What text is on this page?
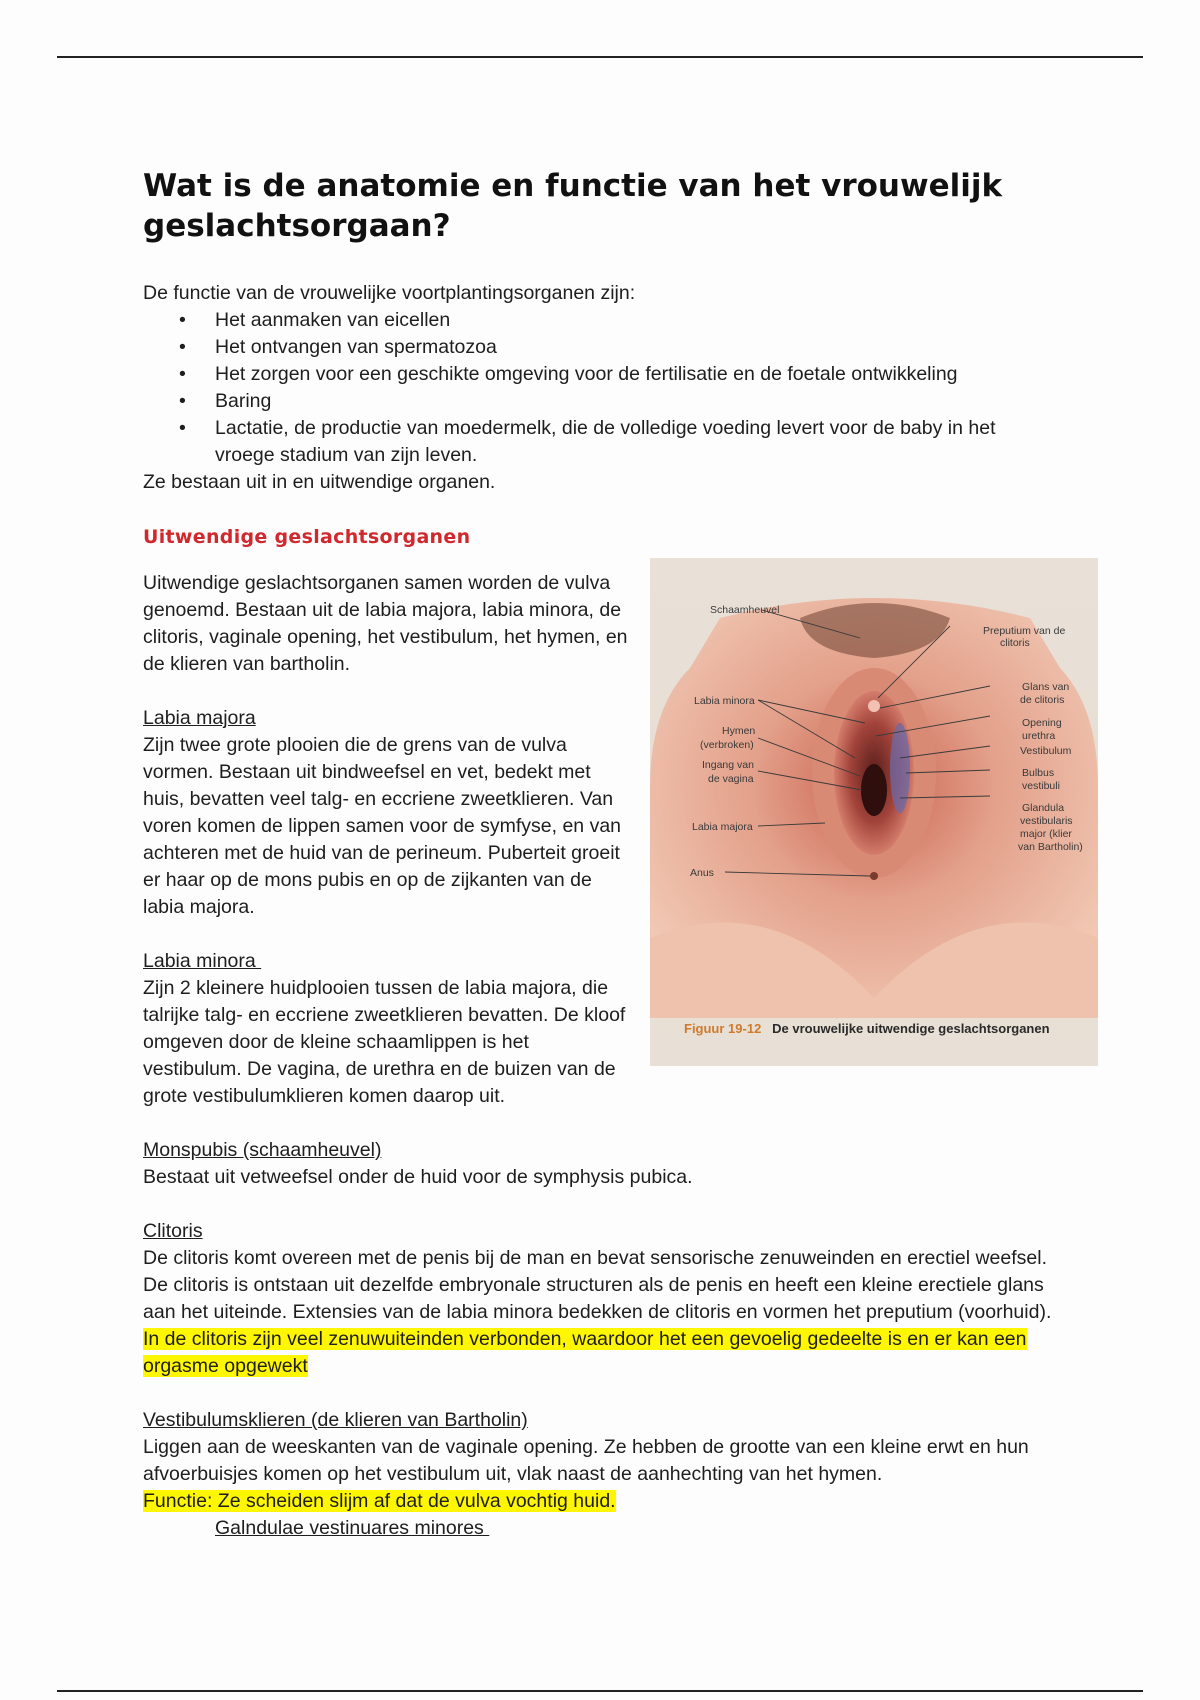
Wat is de anatomie en functie van het vrouwelijk geslachtsorgaan?

De functie van de vrouwelijke voortplantingsorganen zijn:

• Het aanmaken van eicellen
• Het ontvangen van spermatozoa
• Het zorgen voor een geschikte omgeving voor de fertilisatie en de foetale ontwikkeling
• Baring
• Lactatie, de productie van moedermelk, die de volledige voeding levert voor de baby in het vroege stadium van zijn leven.

Ze bestaan uit in en uitwendige organen.

Uitwendige geslachtsorganen
Schaamheuvel
Labia minora
Hymen
(verbroken)
Ingang van
de vagina
Labia majora
Anus
Preputium van de
clitoris
Glans van
de clitoris
Opening
urethra
Vestibulum
Bulbus
vestibuli
Glandula
vestibularis
major (klier
van Bartholin)
Figuur 19-12 De vrouwelijke uitwendige geslachtsorganen

Uitwendige geslachtsorganen samen worden de vulva genoemd. Bestaan uit de labia majora, labia minora, de clitoris, vaginale opening, het vestibulum, het hymen, en de klieren van bartholin.

Labia majora

Zijn twee grote plooien die de grens van de vulva vormen. Bestaan uit bindweefsel en vet, bedekt met huis, bevatten veel talg- en eccriene zweetklieren. Van voren komen de lippen samen voor de symfyse, en van achteren met de huid van de perineum. Puberteit groeit er haar op de mons pubis en op de zijkanten van de labia majora.

Labia minora

Zijn 2 kleinere huidplooien tussen de labia majora, die talrijke talg- en eccriene zweetklieren bevatten. De kloof omgeven door de kleine schaamlippen is het vestibulum. De vagina, de urethra en de buizen van de grote vestibulumklieren komen daarop uit.

Monspubis (schaamheuvel)

Bestaat uit vetweefsel onder de huid voor de symphysis pubica.

Clitoris

De clitoris komt overeen met de penis bij de man en bevat sensorische zenuweinden en erectiel weefsel. De clitoris is ontstaan uit dezelfde embryonale structuren als de penis en heeft een kleine erectiele glans aan het uiteinde. Extensies van de labia minora bedekken de clitoris en vormen het preputium (voorhuid). In de clitoris zijn veel zenuwuiteinden verbonden, waardoor het een gevoelig gedeelte is en er kan een orgasme opgewekt

Vestibulumsklieren (de klieren van Bartholin)

Liggen aan de weeskanten van de vaginale opening. Ze hebben de grootte van een kleine erwt en hun afvoerbuisjes komen op het vestibulum uit, vlak naast de aanhechting van het hymen.

Functie: Ze scheiden slijm af dat de vulva vochtig huid.

Galndulae vestinuares minores
